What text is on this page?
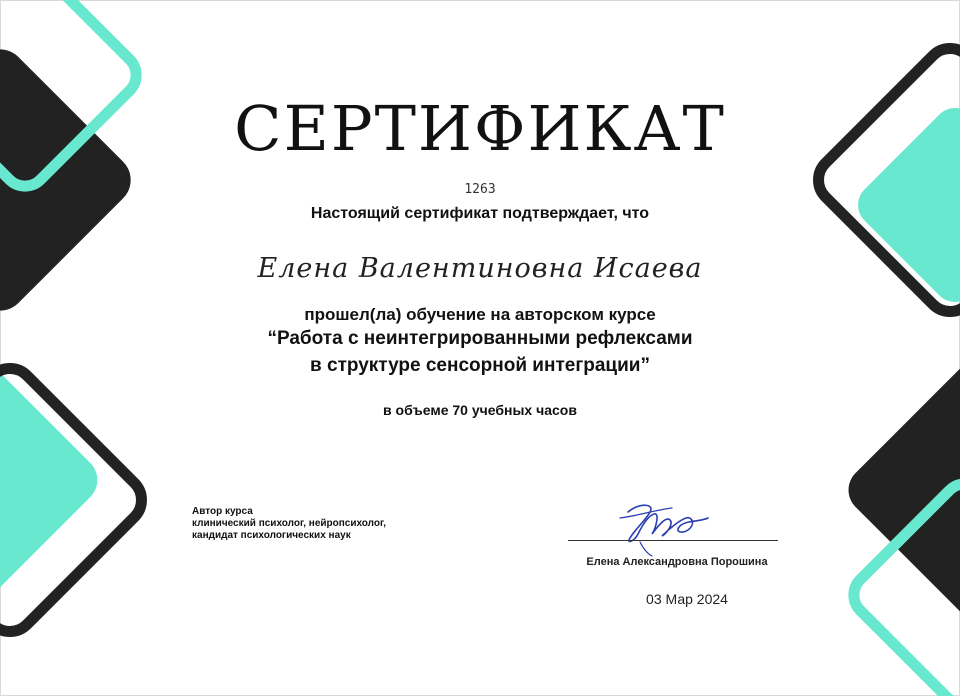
СЕРТИФИКАТ
1263
Настоящий сертификат подтверждает, что
Елена Валентиновна Исаева
прошел(ла) обучение на авторском курсе
“Работа с неинтегрированными рефлексами
в структуре сенсорной интеграции”
в объеме 70 учебных часов
Автор курса
клинический психолог, нейропсихолог,
кандидат психологических наук
Елена Александровна Порошина
03 Мар 2024
